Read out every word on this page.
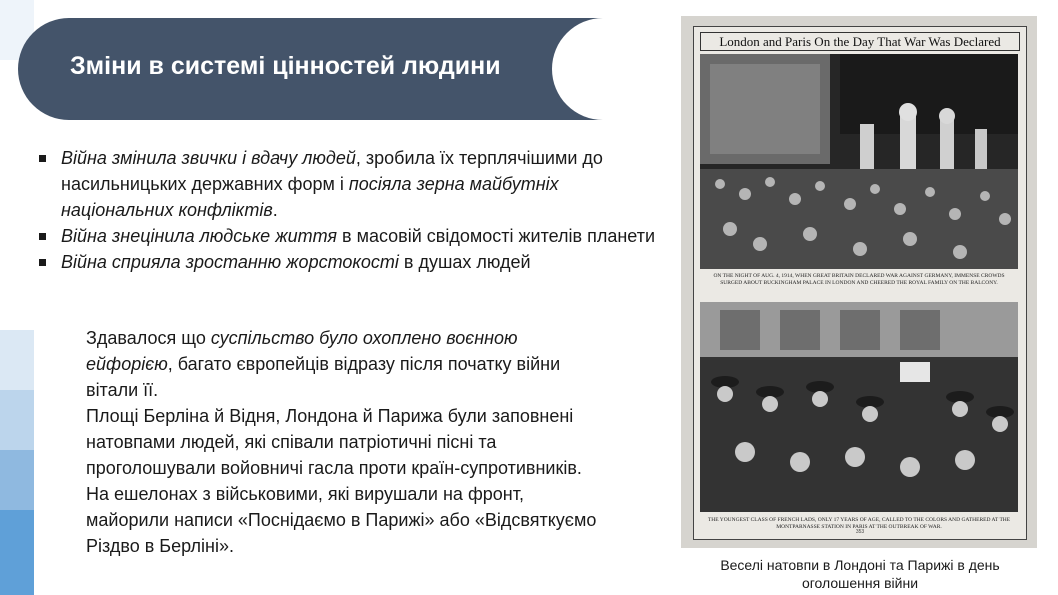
Зміни в системі цінностей людини
Війна змінила звички і вдачу людей, зробила їх терплячішими до насильницьких державних форм і посіяла зерна майбутніх національних конфліктів.
Війна знецінила людське життя в масовій свідомості жителів планети
Війна сприяла зростанню жорстокості в душах людей

Здавалося що суспільство було охоплено воєнною ейфорією, багато європейців відразу після початку війни вітали її.

Площі Берліна й Відня, Лондона й Парижа були заповнені натовпами людей, які співали патріотичні пісні та проголошували войовничі гасла проти країн-супротивників.

На ешелонах з військовими, які вирушали на фронт, майорили написи «Поснідаємо в Парижі» або «Відсвяткуємо Різдво в Берліні».

London and Paris On the Day That War Was Declared
ON THE NIGHT OF AUG. 4, 1914, WHEN GREAT BRITAIN DECLARED WAR AGAINST GERMANY, IMMENSE CROWDS SURGED ABOUT BUCKINGHAM PALACE IN LONDON AND CHEERED THE ROYAL FAMILY ON THE BALCONY.
THE YOUNGEST CLASS OF FRENCH LADS, ONLY 17 YEARS OF AGE, CALLED TO THE COLORS AND GATHERED AT THE MONTPARNASSE STATION IN PARIS AT THE OUTBREAK OF WAR.
353
Веселі натовпи в Лондоні та Парижі в день оголошення війни
